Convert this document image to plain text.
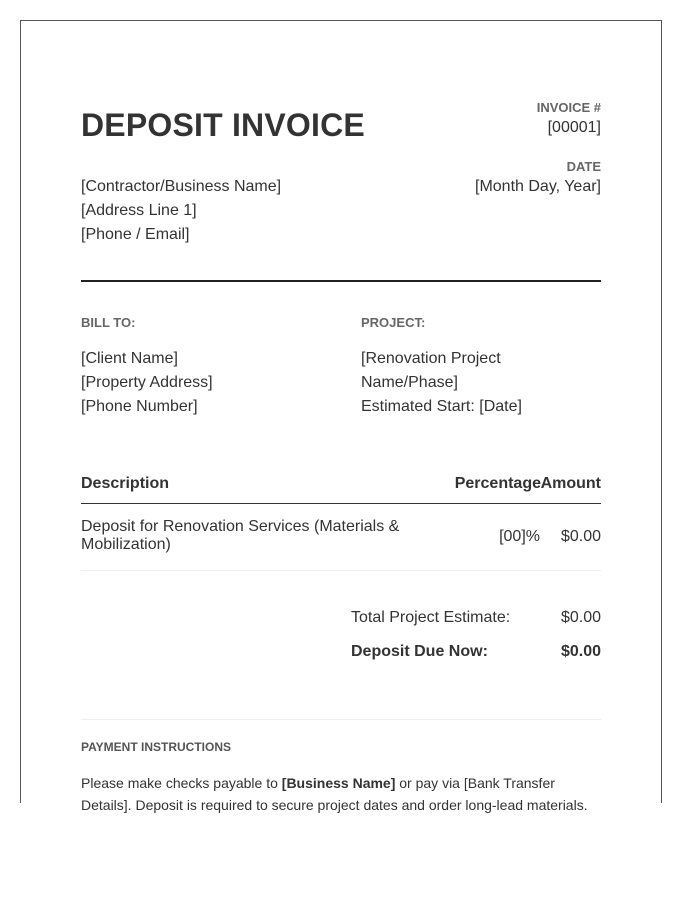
DEPOSIT INVOICE
[Contractor/Business Name]
[Address Line 1]
[Phone / Email]
INVOICE #
[00001]
DATE
[Month Day, Year]
BILL TO:
[Client Name]
[Property Address]
[Phone Number]
PROJECT:
[Renovation Project
Name/Phase]
Estimated Start: [Date]
Description	Percentage Amount
Deposit for Renovation Services (Materials & Mobilization)	[00]% $0.00
Total Project Estimate:	$0.00
Deposit Due Now:	$0.00
PAYMENT INSTRUCTIONS
Please make checks payable to [Business Name] or pay via [Bank Transfer Details]. Deposit is required to secure project dates and order long-lead materials.
